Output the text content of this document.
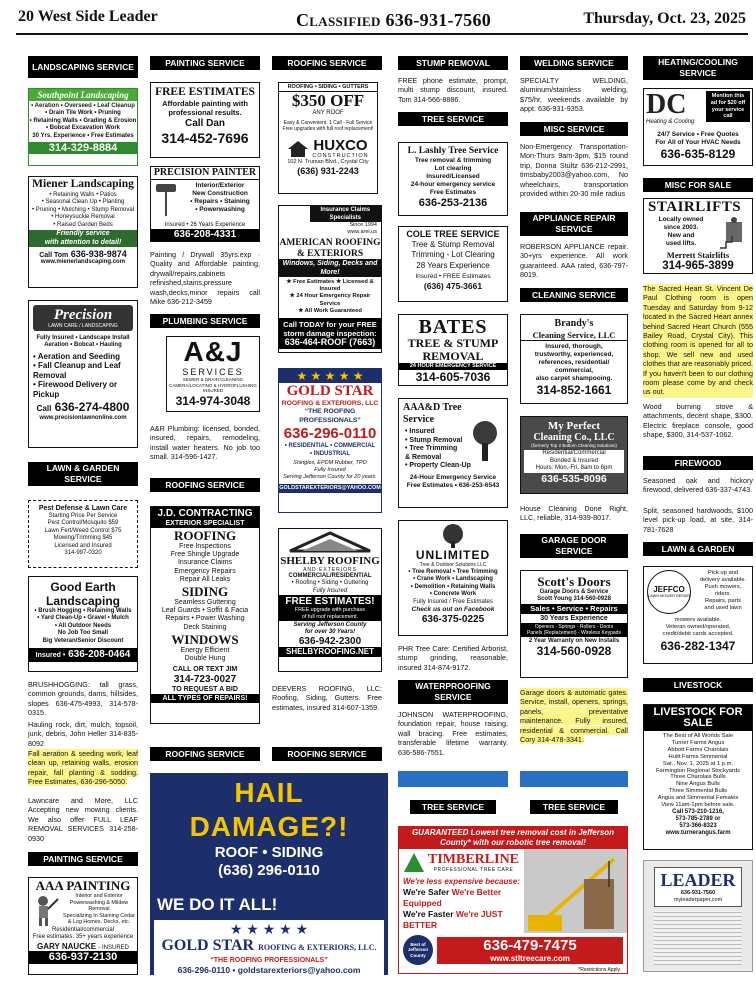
20 West Side Leader	Classified 636-931-7560	Thursday, Oct. 23, 2025
LANDSCAPING SERVICE
Southpoint Landscaping
• Aeration • Overseed • Leaf Cleanup
• Drain Tile Work • Pruning
• Retaining Walls • Grading & Erosion
• Bobcat Excavation Work
30 Yrs. Experience • Free Estimates
314-329-8884
Miener Landscaping
• Retaining Walls • Patios
• Seasonal Clean Up • Planting
• Pruning • Mulching • Stump Removal
• Honeysuckle Removal
• Raised Garden Beds
Friendly service
with attention to detail!
Call Tom 636-938-9874
www.mienerlandscaping.com
Precision
LAWN CARE / LANDSCAPING
Fully Insured • Landscape Install
Aeration • Bobcat • Hauling
• Aeration and Seeding
• Fall Cleanup and Leaf Removal
• Firewood Delivery or Pickup
Call 636-274-4800
www.precisionlawnonline.com
LAWN & GARDEN SERVICE
Pest Defense & Lawn Care
Starting Price Per Service
Pest Control/Mosquito $59
Lawn Fert/Weed Control $75
Mowing/Trimming $45
Licensed and Insured
314-997-0320
Good Earth Landscaping
• Brush Hogging • Retaining Walls
• Yard Clean-Up • Gravel • Mulch
• All Outdoor Needs
No Job Too Small
Big Veteran/Senior Discount
Insured • 636-208-0464
BRUSHHOGGING: tall grass, common grounds, dams, hillsides, slopes 636-475-4993, 314-578-0315.
Hauling rock, dirt, mulch, topsoil, junk, debris, John Heller 314-835-8092
Fall aeration & seeding work, leaf clean up, retaining walls, erosion repair, fall planting & sodding. Free Estimates, 636-296-5050.
Lawncare and More, LLC Accepting new mowing clients. We also offer FULL LEAF REMOVAL SERVICES 314-258-0930
PAINTING SERVICE
AAA PAINTING
Interior and Exterior
Powerwashing & Mildew Removal
Specializing In Staining Cedar
& Log Homes, Decks, etc.
Residential/commercial
Free estimates. 35+ years experience
GARY NAUCKE - INSURED
636-937-2130
PAINTING SERVICE
FREE ESTIMATES
Affordable painting with
professional results.
Call Dan
314-452-7696
PRECISION PAINTER
Interior/Exterior
New Construction
• Repairs • Staining
• Powerwashing
Insured • 26 Years Experience
636-208-4331
Painting / Drywall 35yrs.exp · Quality and Affordable painting, drywall/repairs,cabinets refinished,stains,pressure wash,decks,minor repairs call Mike 636-212-3459
PLUMBING SERVICE
A&J
SERVICES
SEWER & DRAIN CLEANING
CAMERA/LOCATING & HYDROFLUSHING
INSURED
314-974-3048
A&R Plumbing: licensed, bonded, insured, repairs, remodeling, install water heaters. No job too small. 314-596-1427.
ROOFING SERVICE
J.D. CONTRACTING
EXTERIOR SPECIALIST
ROOFING
Free Inspections
Free Shingle Upgrade
Insurance Claims
Emergency Repairs
Repair All Leaks
SIDING
Seamless Guttering
Leaf Guards • Soffit & Facia
Repairs • Power Washing
Deck Staining
WINDOWS
Energy Efficient
Double Hung
CALL OR TEXT JIM
314-723-0027
TO REQUEST A BID
ALL TYPES OF REPAIRS!
ROOFING SERVICE
HAIL DAMAGE?!
ROOF • SIDING
(636) 296-0110
WE DO IT ALL!
★ ★ ★ ★ ★
GOLD STAR ROOFING & EXTERIORS, LLC.
“THE ROOFING PROFESSIONALS”
636-296-0110 • goldstarexteriors@yahoo.com
ROOFING SERVICE
ROOFING • SIDING • GUTTERS
$350 OFF
ANY ROOF
Easy & Convenient: 1 Call - Full Service
Free upgrades with full roof replacement!
HUXCO
CONSTRUCTION
102 N. Truman Blvd., Crystal City
(636) 931-2243
Insurance Claims Specialists
Since 1994
www.arei.us
AMERICAN ROOFING & EXTERIORS
Windows, Siding, Decks and More!
★ Free Estimates ★ Licensed & Insured
★ 24 Hour Emergency Repair Service
★ All Work Guaranteed
Call TODAY for your FREE storm damage inspection:
636-464-ROOF (7663)
★ ★ ★ ★ ★
GOLD STAR
ROOFING & EXTERIORS, LLC
“THE ROOFING PROFESSIONALS”
636-296-0110
• RESIDENTIAL • COMMERCIAL
• INDUSTRIAL
Shingles, EPDM Rubber, TPO
Fully Insured
Serving Jefferson County for 20 years.
GOLDSTAREXTERIORS@YAHOO.COM
SHELBY ROOFING
AND EXTERIORS
COMMERCIAL/RESIDENTIAL
• Roofing • Siding • Guttering
Fully Insured
FREE ESTIMATES!
FREE upgrade with purchase
of full roof replacement.
Serving Jefferson County
for over 30 Years!
636-942-2300
SHELBYROOFING.NET
DEEVERS ROOFING, LLC: Roofing, Siding, Gutters. Free estimates, insured 314-607-1359.
ROOFING SERVICE
STUMP REMOVAL
FREE phone estimate, prompt, multi stump discount, insured. Tom 314-566-8886.
TREE SERVICE
L. Lashly Tree Service
Tree removal & trimming
Lot clearing
Insured/Licensed
24-hour emergency service
Free Estimates
636-253-2136
COLE TREE SERVICE
Tree & Stump Removal
Trimming - Lot Clearing
28 Years Experience
Insured • FREE Estimates
(636) 475-3661
BATES
TREE & STUMP
REMOVAL
24 HOUR EMERGENCY SERVICE
314-605-7036
AAA&D Tree Service
• Insured
• Stump Removal
• Tree Trimming
& Removal
• Property Clean-Up
24-Hour Emergency Service
Free Estimates • 636-253-6543
UNLIMITED
Tree & Outdoor Solutions LLC
• Tree Removal • Tree Trimming
• Crane Work • Landscaping
• Demolition • Retaining Walls
• Concrete Work
Fully Insured / Free Estimates
Check us out on Facebook
636-375-0225
PHR Tree Care: Certified Arborist, stump grinding, reasonable, insured 314-874-9172.
WATERPROOFING SERVICE
JOHNSON WATERPROOFING, foundation repair, house raising, wall bracing. Free estimates, transferable lifetime warranty. 636-586-7551.
TREE SERVICE
GUARANTEED Lowest tree removal cost in Jefferson County* with our robotic tree removal!
TIMBERLINE
PROFESSIONAL TREE CARE
We're less expensive because:
We're Safer We're Better Equipped
We're Faster We're JUST BETTER
Best of Jefferson County
636-479-7475
www.stltreecare.com
*Restrictions Apply.
WELDING SERVICE
SPECIALTY WELDING, aluminum/stainless welding, $75/hr, weekends available by appt. 636-931-9353.
MISC SERVICE
Non-Emergency Transportation- Mon-Thurs 9am-3pm, $15 round trip, Donna Stultz 636-212-2991, timsbaby2003@yahoo.com, No wheelchairs, transportation provided within 20-30 mile radius
APPLIANCE REPAIR SERVICE
ROBERSON APPLIANCE repair. 30+yrs experience. All work guaranteed. AAA rated, 636-797-8019.
CLEANING SERVICE
Brandy's
Cleaning Service, LLC
Insured, thorough,
trustworthy, experienced,
references, residential/
commercial,
also carpet shampooing.
314-852-1661
My Perfect
Cleaning Co., LLC
(formerly Top 2 Bottom Cleaning Solutions)
Residential/Commercial
Bonded & Insured
Hours: Mon.-Fri. 8am to 6pm
636-535-8096
House Cleaning Done Right, LLC, reliable, 314-939-8017.
GARAGE DOOR SERVICE
Scott's Doors
Garage Doors & Service
Scott Young 314-560-0928
Sales • Service • Repairs
30 Years Experience
Openers - Springs - Rollers - Doors
Panels (Replacement) - Wireless Keypads
2 Year Warranty on New Installs
314-560-0928
Garage doors & automatic gates. Service, install, openers, springs, panels, preventative maintenance. Fully insured, residential & commercial. Call Cory 314-478-3341.
TREE SERVICE
HEATING/COOLING SERVICE
DC
Heating & Cooling
Mention this
ad for $20 off
your service
call
24/7 Service • Free Quotes
For All of Your HVAC Needs
636-635-8129
MISC FOR SALE
STAIRLIFTS
Locally owned
since 2003.
New and
used lifts.
Merrett Stairlifts
314-965-3899
The Sacred Heart St. Vincent De Paul Clothing room is open Tuesday and Saturday from 9-12 located in the Sacred Heart annex behind Sacred Heart Church (555 Bailey Road, Crystal City). This clothing room is opened for all to shop. We sell new and used clothes that are reasonably priced. If you haven't been to our clothing room please come by and check us out.
Wood burning stove & attachments, decent shape, $300. Electric fireplace console, good shape, $300, 314-537-1062.
FIREWOOD
Seasoned oak and hickory firewood, delivered 636-337-4743.
Split, seasoned hardwoods, $100 level pick-up load, at site, 314-781-7628
LAWN & GARDEN
JEFFCO
LAWN MOWER REPAIR
Pick up and
delivery available.
Push mowers,
riders.
Repairs, parts
and used lawn
mowers available.
Veteran owned/operated,
credit/debit cards accepted.
636-282-1347
LIVESTOCK
LIVESTOCK FOR SALE
The Best of All Worlds Sale
Turner Farms Angus
Abbott Farms Charolais
Huitt Farms Simmental
Sat., Nov. 1, 2025 at 1 p.m.
Farmington Regional Stockyards
Three Charolais Bulls
Nine Angus Bulls
Three Simmental Bulls
Angus and Simmental Females
View 11am-1pm before sale.
Call 573-210-1216,
573-785-2789 or
573-366-8323
www.turnerangus.farm
LEADER
636-931-7560
myleaderpaper.com
